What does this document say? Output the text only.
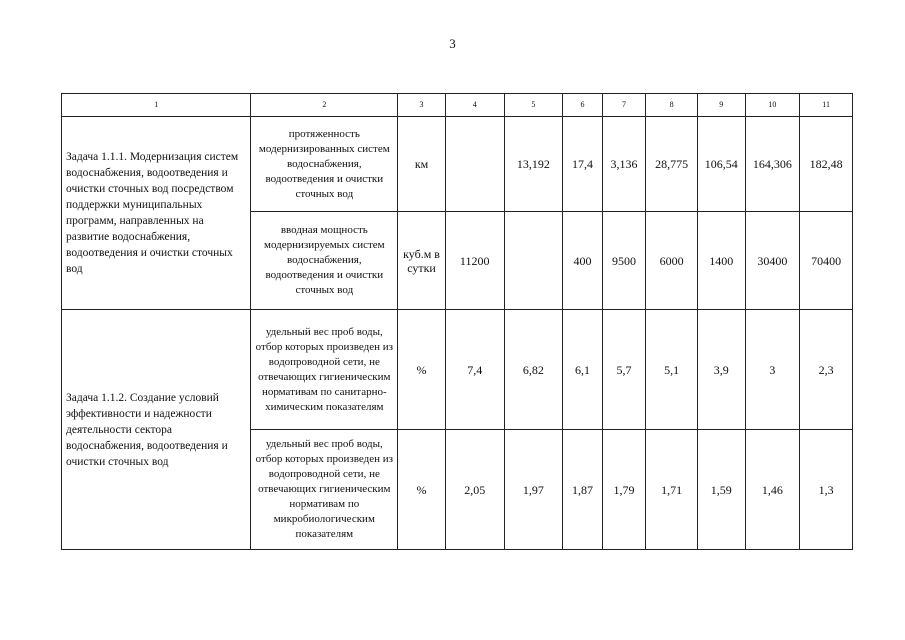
3
1	2	3	4	5	6	7	8	9	10	11
Задача 1.1.1. Модернизация систем водоснабжения, водоотведения и очистки сточных вод посредством поддержки муниципальных программ, направленных на развитие водоснабжения, водоотведения и очистки сточных вод	протяженность модернизированных систем водоснабжения, водоотведения и очистки сточных вод	км		13,192	17,4	3,136	28,775	106,54	164,306	182,48
	вводная мощность модернизируемых систем водоснабжения, водоотведения и очистки сточных вод	куб.м в сутки	11200		400	9500	6000	1400	30400	70400
Задача 1.1.2. Создание условий эффективности и надежности деятельности сектора водоснабжения, водоотведения и очистки сточных вод	удельный вес проб воды, отбор которых произведен из водопроводной сети, не отвечающих гигиеническим нормативам по санитарно-химическим показателям	%	7,4	6,82	6,1	5,7	5,1	3,9	3	2,3
	удельный вес проб воды, отбор которых произведен из водопроводной сети, не отвечающих гигиеническим нормативам по микробиологическим показателям	%	2,05	1,97	1,87	1,79	1,71	1,59	1,46	1,3
